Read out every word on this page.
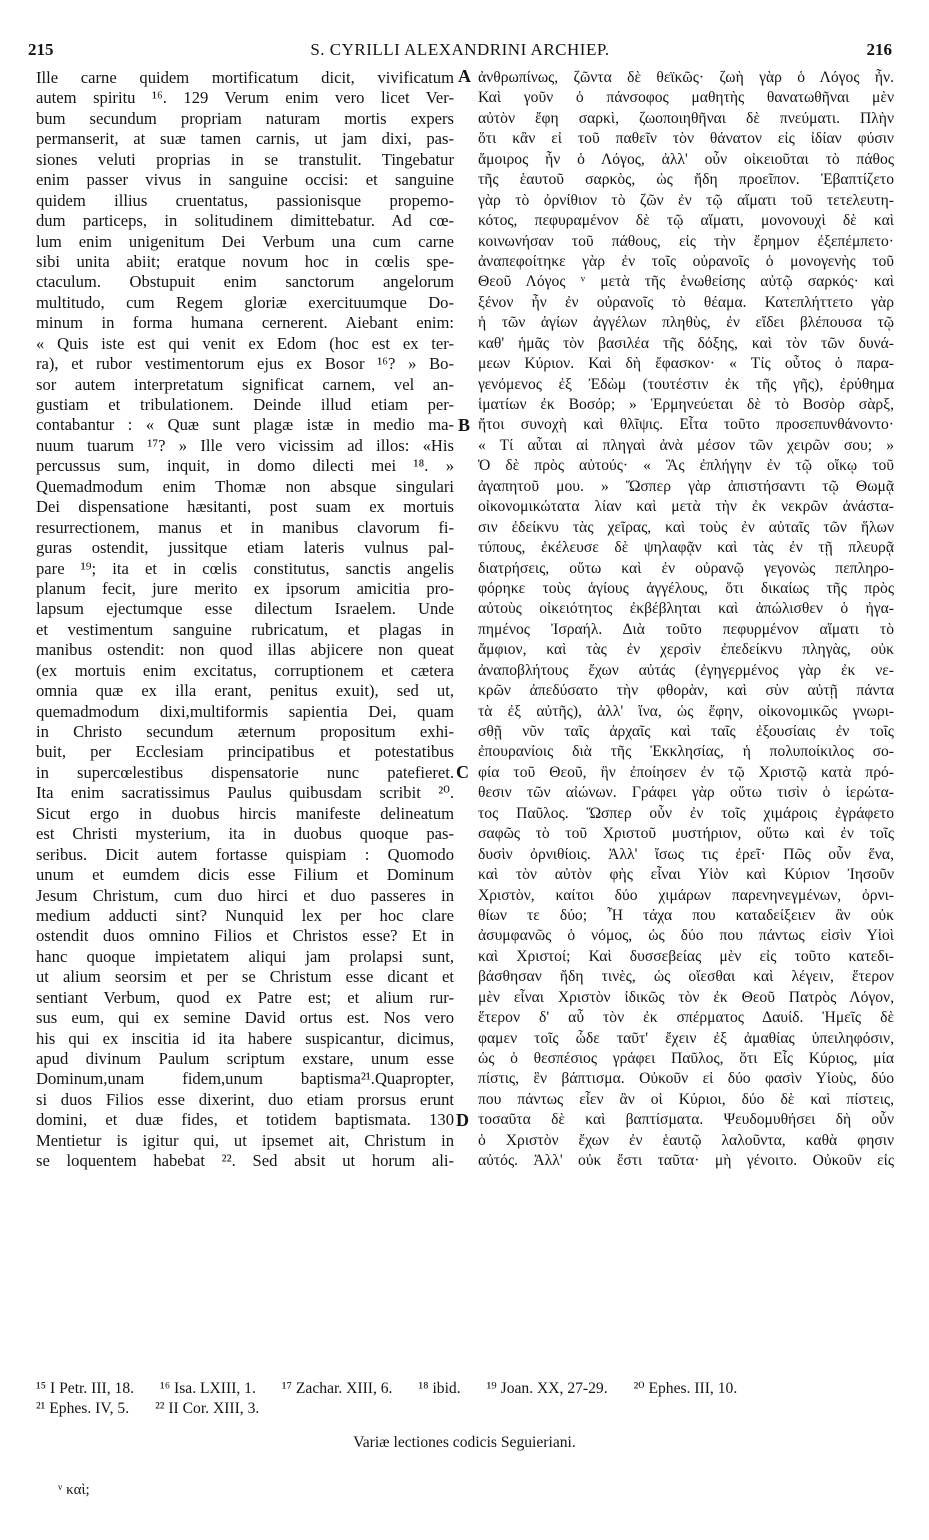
215	S. CYRILLI ALEXANDRINI ARCHIEP.	216
Ille carne quidem mortificatum dicit, vivificatum
autem spiritu ¹⁶. 129 Verum enim vero licet Ver-
bum secundum propriam naturam mortis expers
permanserit, at suæ tamen carnis, ut jam dixi, pas-
siones veluti proprias in se transtulit. Tingebatur
enim passer vivus in sanguine occisi: et sanguine
quidem illius cruentatus, passionisque propemo-
dum particeps, in solitudinem dimittebatur. Ad cœ-
lum enim unigenitum Dei Verbum una cum carne
sibi unita abiit; eratque novum hoc in cœlis spe-
ctaculum. Obstupuit enim sanctorum angelorum
multitudo, cum Regem gloriæ exercituumque Do-
minum in forma humana cernerent. Aiebant enim:
« Quis iste est qui venit ex Edom (hoc est ex ter-
ra), et rubor vestimentorum ejus ex Bosor ¹⁶? » Bo-
sor autem interpretatum significat carnem, vel an-
gustiam et tribulationem. Deinde illud etiam per-
contabantur : « Quæ sunt plagæ istæ in medio ma-
nuum tuarum ¹⁷? » Ille vero vicissim ad illos: «His
percussus sum, inquit, in domo dilecti mei ¹⁸. »
Quemadmodum enim Thomæ non absque singulari
Dei dispensatione hæsitanti, post suam ex mortuis
resurrectionem, manus et in manibus clavorum fi-
guras ostendit, jussitque etiam lateris vulnus pal-
pare ¹⁹; ita et in cœlis constitutus, sanctis angelis
planum fecit, jure merito ex ipsorum amicitia pro-
lapsum ejectumque esse dilectum Israelem. Unde
et vestimentum sanguine rubricatum, et plagas in
manibus ostendit: non quod illas abjicere non queat
(ex mortuis enim excitatus, corruptionem et cætera
omnia quæ ex illa erant, penitus exuit), sed ut,
quemadmodum dixi,multiformis sapientia Dei, quam
in Christo secundum æternum propositum exhi-
buit, per Ecclesiam principatibus et potestatibus
in supercœlestibus dispensatorie nunc patefieret.
Ita enim sacratissimus Paulus quibusdam scribit ²⁰.
Sicut ergo in duobus hircis manifeste delineatum
est Christi mysterium, ita in duobus quoque pas-
seribus. Dicit autem fortasse quispiam : Quomodo
unum et eumdem dicis esse Filium et Dominum
Jesum Christum, cum duo hirci et duo passeres in
medium adducti sint? Nunquid lex per hoc clare
ostendit duos omnino Filios et Christos esse? Et in
hanc quoque impietatem aliqui jam prolapsi sunt,
ut alium seorsim et per se Christum esse dicant et
sentiant Verbum, quod ex Patre est; et alium rur-
sus eum, qui ex semine David ortus est. Nos vero
his qui ex inscitia id ita habere suspicantur, dicimus,
apud divinum Paulum scriptum exstare, unum esse
Dominum,unam fidem,unum baptisma²¹.Quapropter,
si duos Filios esse dixerint, duo etiam prorsus erunt
domini, et duæ fides, et totidem baptismata. 130
Mentietur is igitur qui, ut ipsemet ait, Christum in
se loquentem habebat ²². Sed absit ut horum ali-
ἀνθρωπίνως, ζῶντα δὲ θεϊκῶς· ζωὴ γὰρ ὁ Λόγος ἦν.
Καὶ γοῦν ὁ πάνσοφος μαθητὴς θανατωθῆναι μὲν
αὐτὸν ἔφη σαρκὶ, ζωοποιηθῆναι δὲ πνεύματι. Πλὴν
ὅτι κἂν εἰ τοῦ παθεῖν τὸν θάνατον εἰς ἰδίαν φύσιν
ἄμοιρος ἦν ὁ Λόγος, ἀλλ' οὖν οἰκειοῦται τὸ πάθος
τῆς ἑαυτοῦ σαρκὸς, ὡς ἤδη προεῖπον. Ἐβαπτίζετο
γὰρ τὸ ὀρνίθιον τὸ ζῶν ἐν τῷ αἵματι τοῦ τετελευτη-
κότος, πεφυραμένον δὲ τῷ αἵματι, μονονουχὶ δὲ καὶ
κοινωνήσαν τοῦ πάθους, εἰς τὴν ἔρημον ἐξεπέμπετο·
ἀναπεφοίτηκε γὰρ ἐν τοῖς οὐρανοῖς ὁ μονογενὴς τοῦ
Θεοῦ Λόγος ᵛ μετὰ τῆς ἑνωθείσης αὐτῷ σαρκός· καὶ
ξένον ἦν ἐν οὐρανοῖς τὸ θέαμα. Κατεπλήττετο γὰρ
ἡ τῶν ἁγίων ἀγγέλων πληθὺς, ἐν εἴδει βλέπουσα τῷ
καθ' ἡμᾶς τὸν βασιλέα τῆς δόξης, καὶ τὸν τῶν δυνά-
μεων Κύριον. Καὶ δὴ ἔφασκον· « Τίς οὗτος ὁ παρα-
γενόμενος ἐξ Ἐδὼμ (τουτέστιν ἐκ τῆς γῆς), ἐρύθημα
ἱματίων ἐκ Βοσόρ; » Ἑρμηνεύεται δὲ τὸ Βοσὸρ σὰρξ,
ἤτοι συνοχὴ καὶ θλῖψις. Εἶτα τοῦτο προσεπυνθάνοντο·
« Τί αὗται αἱ πληγαὶ ἀνὰ μέσον τῶν χειρῶν σου; »
Ὁ δὲ πρὸς αὐτούς· « Ἃς ἐπλήγην ἐν τῷ οἴκῳ τοῦ
ἀγαπητοῦ μου. » Ὥσπερ γὰρ ἀπιστήσαντι τῷ Θωμᾷ
οἰκονομικώτατα λίαν καὶ μετὰ τὴν ἐκ νεκρῶν ἀνάστα-
σιν ἐδείκνυ τὰς χεῖρας, καὶ τοὺς ἐν αὐταῖς τῶν ἥλων
τύπους, ἐκέλευσε δὲ ψηλαφᾷν καὶ τὰς ἐν τῇ πλευρᾷ
διατρήσεις, οὕτω καὶ ἐν οὐρανῷ γεγονὼς πεπληρο-
φόρηκε τοὺς ἁγίους ἀγγέλους, ὅτι δικαίως τῆς πρὸς
αὐτοὺς οἰκειότητος ἐκβέβληται καὶ ἀπώλισθεν ὁ ἠγα-
πημένος Ἰσραήλ. Διὰ τοῦτο πεφυρμένον αἵματι τὸ
ἄμφιον, καὶ τὰς ἐν χερσὶν ἐπεδείκνυ πληγὰς, οὐκ
ἀναποβλήτους ἔχων αὐτάς (ἐγηγερμένος γὰρ ἐκ νε-
κρῶν ἀπεδύσατο τὴν φθορὰν, καὶ σὺν αὐτῇ πάντα
τὰ ἐξ αὐτῆς), ἀλλ' ἵνα, ὡς ἔφην, οἰκονομικῶς γνωρι-
σθῇ νῦν ταῖς ἀρχαῖς καὶ ταῖς ἐξουσίαις ἐν τοῖς
ἐπουρανίοις διὰ τῆς Ἐκκλησίας, ἡ πολυποίκιλος σο-
φία τοῦ Θεοῦ, ἣν ἐποίησεν ἐν τῷ Χριστῷ κατὰ πρό-
θεσιν τῶν αἰώνων. Γράφει γὰρ οὕτω τισὶν ὁ ἱερώτα-
τος Παῦλος. Ὥσπερ οὖν ἐν τοῖς χιμάροις ἐγράφετο
σαφῶς τὸ τοῦ Χριστοῦ μυστήριον, οὕτω καὶ ἐν τοῖς
δυσὶν ὀρνιθίοις. Ἀλλ' ἴσως τις ἐρεῖ· Πῶς οὖν ἕνα,
καὶ τὸν αὐτὸν φὴς εἶναι Υἱὸν καὶ Κύριον Ἰησοῦν
Χριστὸν, καίτοι δύο χιμάρων παρενηνεγμένων, ὀρνι-
θίων τε δύο; Ἦ τάχα που καταδείξειεν ἂν οὐκ
ἀσυμφανῶς ὁ νόμος, ὡς δύο που πάντως εἰσὶν Υἱοὶ
καὶ Χριστοί; Καὶ δυσσεβείας μὲν εἰς τοῦτο κατεδι-
βάσθησαν ἤδη τινὲς, ὡς οἴεσθαι καὶ λέγειν, ἕτερον
μὲν εἶναι Χριστὸν ἰδικῶς τὸν ἐκ Θεοῦ Πατρὸς Λόγον,
ἕτερον δ' αὖ τὸν ἐκ σπέρματος Δαυίδ. Ἡμεῖς δὲ
φαμεν τοῖς ὧδε ταῦτ' ἔχειν ἐξ ἀμαθίας ὑπειληφόσιν,
ὡς ὁ θεσπέσιος γράφει Παῦλος, ὅτι Εἷς Κύριος, μία
πίστις, ἓν βάπτισμα. Οὐκοῦν εἰ δύο φασὶν Υἱοὺς, δύο
που πάντως εἶεν ἂν οἱ Κύριοι, δύο δὲ καὶ πίστεις,
τοσαῦτα δὲ καὶ βαπτίσματα. Ψευδομυθήσει δὴ οὖν
ὁ Χριστὸν ἔχων ἐν ἑαυτῷ λαλοῦντα, καθὰ φησιν
αὐτός. Ἀλλ' οὐκ ἔστι ταῦτα· μὴ γένοιτο. Οὐκοῦν εἰς
A
B
C
D
¹⁵ I Petr. III, 18. ¹⁶ Isa. LXIII, 1. ¹⁷ Zachar. XIII, 6. ¹⁸ ibid. ¹⁹ Joan. XX, 27-29. ²⁰ Ephes. III, 10.
²¹ Ephes. IV, 5. ²² II Cor. XIII, 3.
Variæ lectiones codicis Seguieriani.
ᵛ καὶ;
